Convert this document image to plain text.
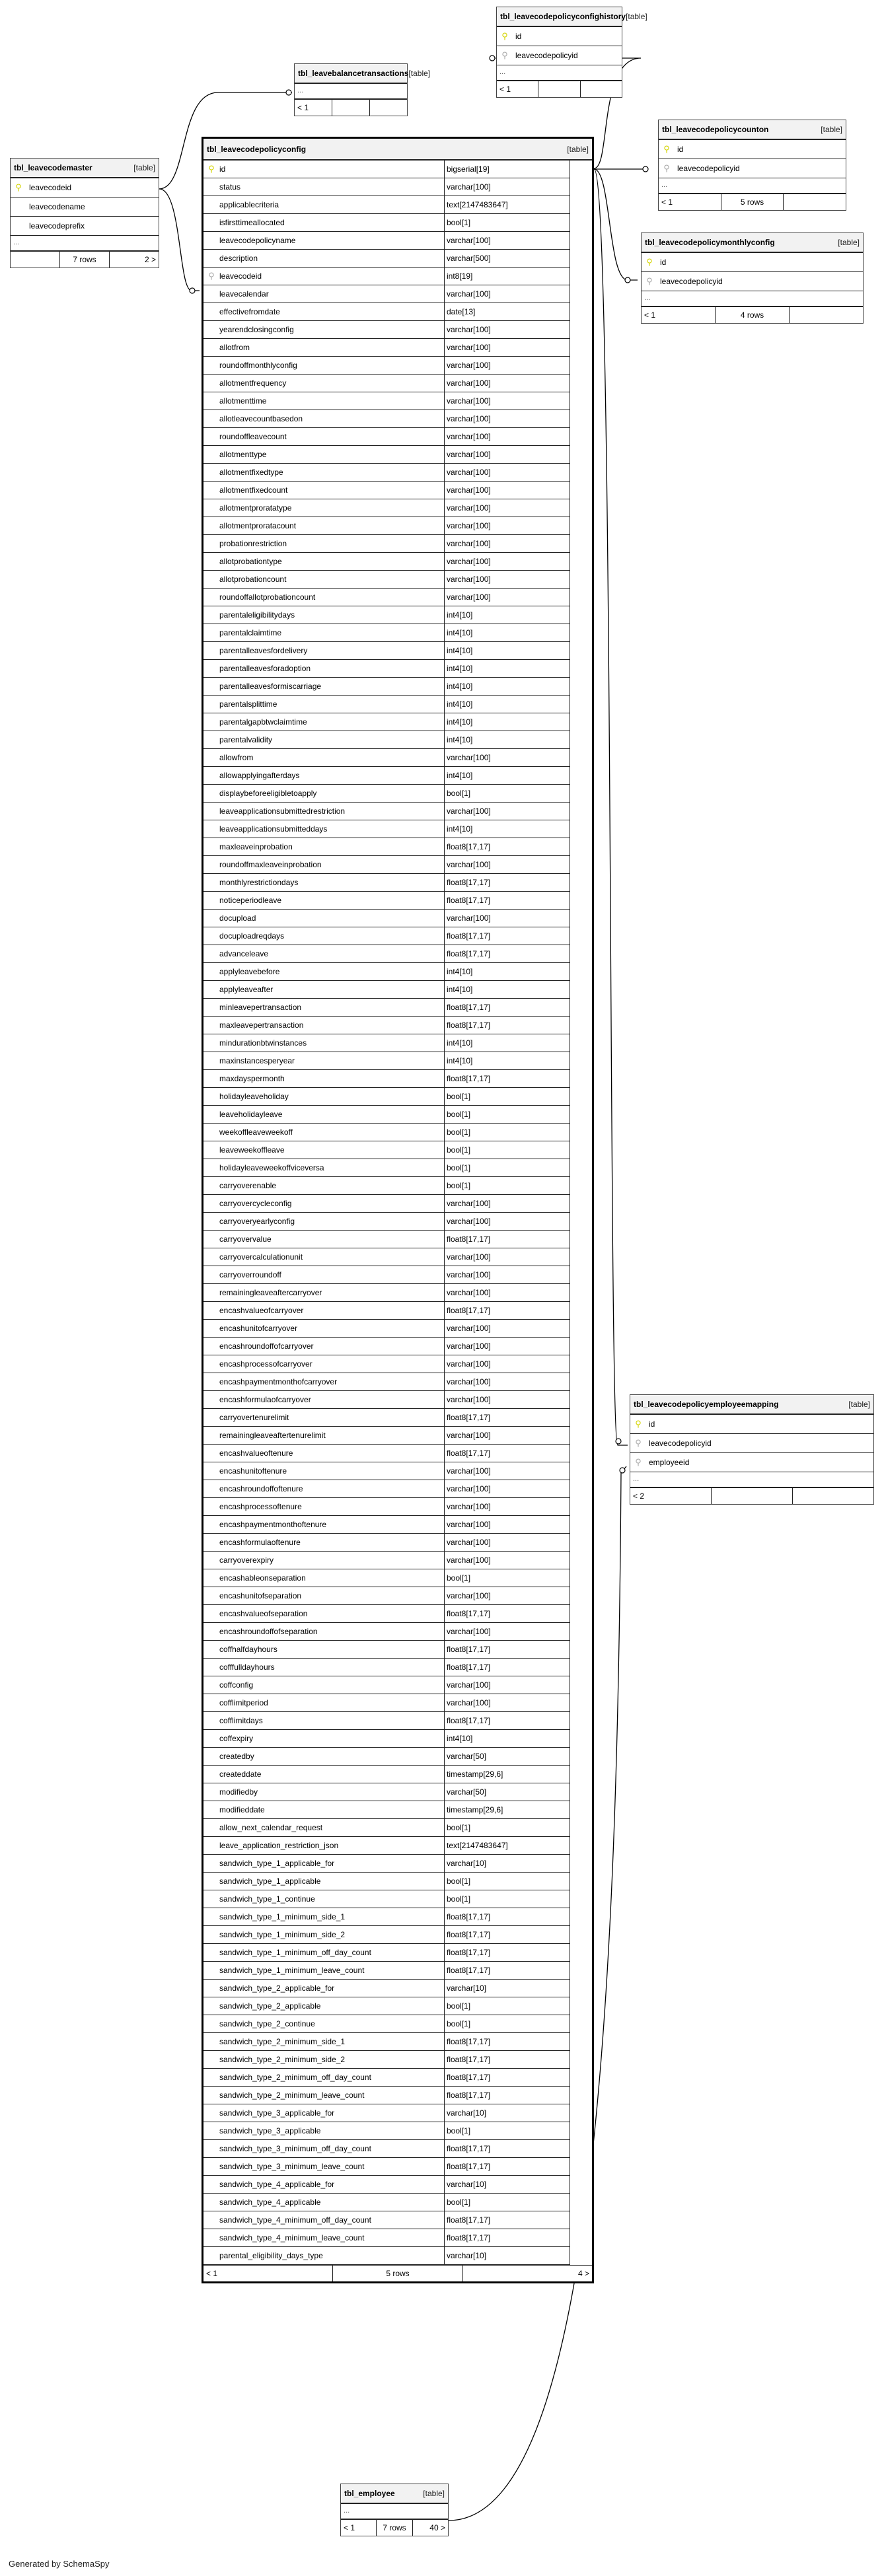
tbl_leavecodemaster	[table]
⚲ leavecodeid
leavecodename
leavecodeprefix
...
7 rows	2 >
tbl_leavebalancetransactions [table]
...
< 1
tbl_leavecodepolicyconfighistory [table]
⚲ id
⚲ leavecodepolicyid
...
< 1
tbl_leavecodepolicycounton	[table]
⚲ id
⚲ leavecodepolicyid
...
< 1	5 rows
tbl_leavecodepolicymonthlyconfig	[table]
⚲ id
⚲ leavecodepolicyid
...
< 1	4 rows
tbl_leavecodepolicyemployeemapping	[table]
⚲ id
⚲ leavecodepolicyid
⚲ employeeid
...
< 2
tbl_employee	[table]
...
< 1	7 rows	40 >
tbl_leavecodepolicyconfig	[table]
⚲ id	bigserial[19]
status	varchar[100]
applicablecriteria	text[2147483647]
isfirsttimeallocated	bool[1]
leavecodepolicyname	varchar[100]
description	varchar[500]
⚲ leavecodeid	int8[19]
leavecalendar	varchar[100]
effectivefromdate	date[13]
yearendclosingconfig	varchar[100]
allotfrom	varchar[100]
roundoffmonthlyconfig	varchar[100]
allotmentfrequency	varchar[100]
allotmenttime	varchar[100]
allotleavecountbasedon	varchar[100]
roundoffleavecount	varchar[100]
allotmenttype	varchar[100]
allotmentfixedtype	varchar[100]
allotmentfixedcount	varchar[100]
allotmentproratatype	varchar[100]
allotmentproratacount	varchar[100]
probationrestriction	varchar[100]
allotprobationtype	varchar[100]
allotprobationcount	varchar[100]
roundoffallotprobationcount	varchar[100]
parentaleligibilitydays	int4[10]
parentalclaimtime	int4[10]
parentalleavesfordelivery	int4[10]
parentalleavesforadoption	int4[10]
parentalleavesformiscarriage	int4[10]
parentalsplittime	int4[10]
parentalgapbtwclaimtime	int4[10]
parentalvalidity	int4[10]
allowfrom	varchar[100]
allowapplyingafterdays	int4[10]
displaybeforeeligibletoapply	bool[1]
leaveapplicationsubmittedrestriction	varchar[100]
leaveapplicationsubmitteddays	int4[10]
maxleaveinprobation	float8[17,17]
roundoffmaxleaveinprobation	varchar[100]
monthlyrestrictiondays	float8[17,17]
noticeperiodleave	float8[17,17]
docupload	varchar[100]
docuploadreqdays	float8[17,17]
advanceleave	float8[17,17]
applyleavebefore	int4[10]
applyleaveafter	int4[10]
minleavepertransaction	float8[17,17]
maxleavepertransaction	float8[17,17]
mindurationbtwinstances	int4[10]
maxinstancesperyear	int4[10]
maxdayspermonth	float8[17,17]
holidayleaveholiday	bool[1]
leaveholidayleave	bool[1]
weekoffleaveweekoff	bool[1]
leaveweekoffleave	bool[1]
holidayleaveweekoffviceversa	bool[1]
carryoverenable	bool[1]
carryovercycleconfig	varchar[100]
carryoveryearlyconfig	varchar[100]
carryovervalue	float8[17,17]
carryovercalculationunit	varchar[100]
carryoverroundoff	varchar[100]
remainingleaveaftercarryover	varchar[100]
encashvalueofcarryover	float8[17,17]
encashunitofcarryover	varchar[100]
encashroundoffofcarryover	varchar[100]
encashprocessofcarryover	varchar[100]
encashpaymentmonthofcarryover	varchar[100]
encashformulaofcarryover	varchar[100]
carryovertenurelimit	float8[17,17]
remainingleaveaftertenurelimit	varchar[100]
encashvalueoftenure	float8[17,17]
encashunitoftenure	varchar[100]
encashroundoffoftenure	varchar[100]
encashprocessoftenure	varchar[100]
encashpaymentmonthoftenure	varchar[100]
encashformulaoftenure	varchar[100]
carryoverexpiry	varchar[100]
encashableonseparation	bool[1]
encashunitofseparation	varchar[100]
encashvalueofseparation	float8[17,17]
encashroundoffofseparation	varchar[100]
coffhalfdayhours	float8[17,17]
cofffulldayhours	float8[17,17]
coffconfig	varchar[100]
cofflimitperiod	varchar[100]
cofflimitdays	float8[17,17]
coffexpiry	int4[10]
createdby	varchar[50]
createddate	timestamp[29,6]
modifiedby	varchar[50]
modifieddate	timestamp[29,6]
allow_next_calendar_request	bool[1]
leave_application_restriction_json	text[2147483647]
sandwich_type_1_applicable_for	varchar[10]
sandwich_type_1_applicable	bool[1]
sandwich_type_1_continue	bool[1]
sandwich_type_1_minimum_side_1	float8[17,17]
sandwich_type_1_minimum_side_2	float8[17,17]
sandwich_type_1_minimum_off_day_count	float8[17,17]
sandwich_type_1_minimum_leave_count	float8[17,17]
sandwich_type_2_applicable_for	varchar[10]
sandwich_type_2_applicable	bool[1]
sandwich_type_2_continue	bool[1]
sandwich_type_2_minimum_side_1	float8[17,17]
sandwich_type_2_minimum_side_2	float8[17,17]
sandwich_type_2_minimum_off_day_count	float8[17,17]
sandwich_type_2_minimum_leave_count	float8[17,17]
sandwich_type_3_applicable_for	varchar[10]
sandwich_type_3_applicable	bool[1]
sandwich_type_3_minimum_off_day_count	float8[17,17]
sandwich_type_3_minimum_leave_count	float8[17,17]
sandwich_type_4_applicable_for	varchar[10]
sandwich_type_4_applicable	bool[1]
sandwich_type_4_minimum_off_day_count	float8[17,17]
sandwich_type_4_minimum_leave_count	float8[17,17]
parental_eligibility_days_type	varchar[10]
< 1	5 rows	4 >
Generated by SchemaSpy
